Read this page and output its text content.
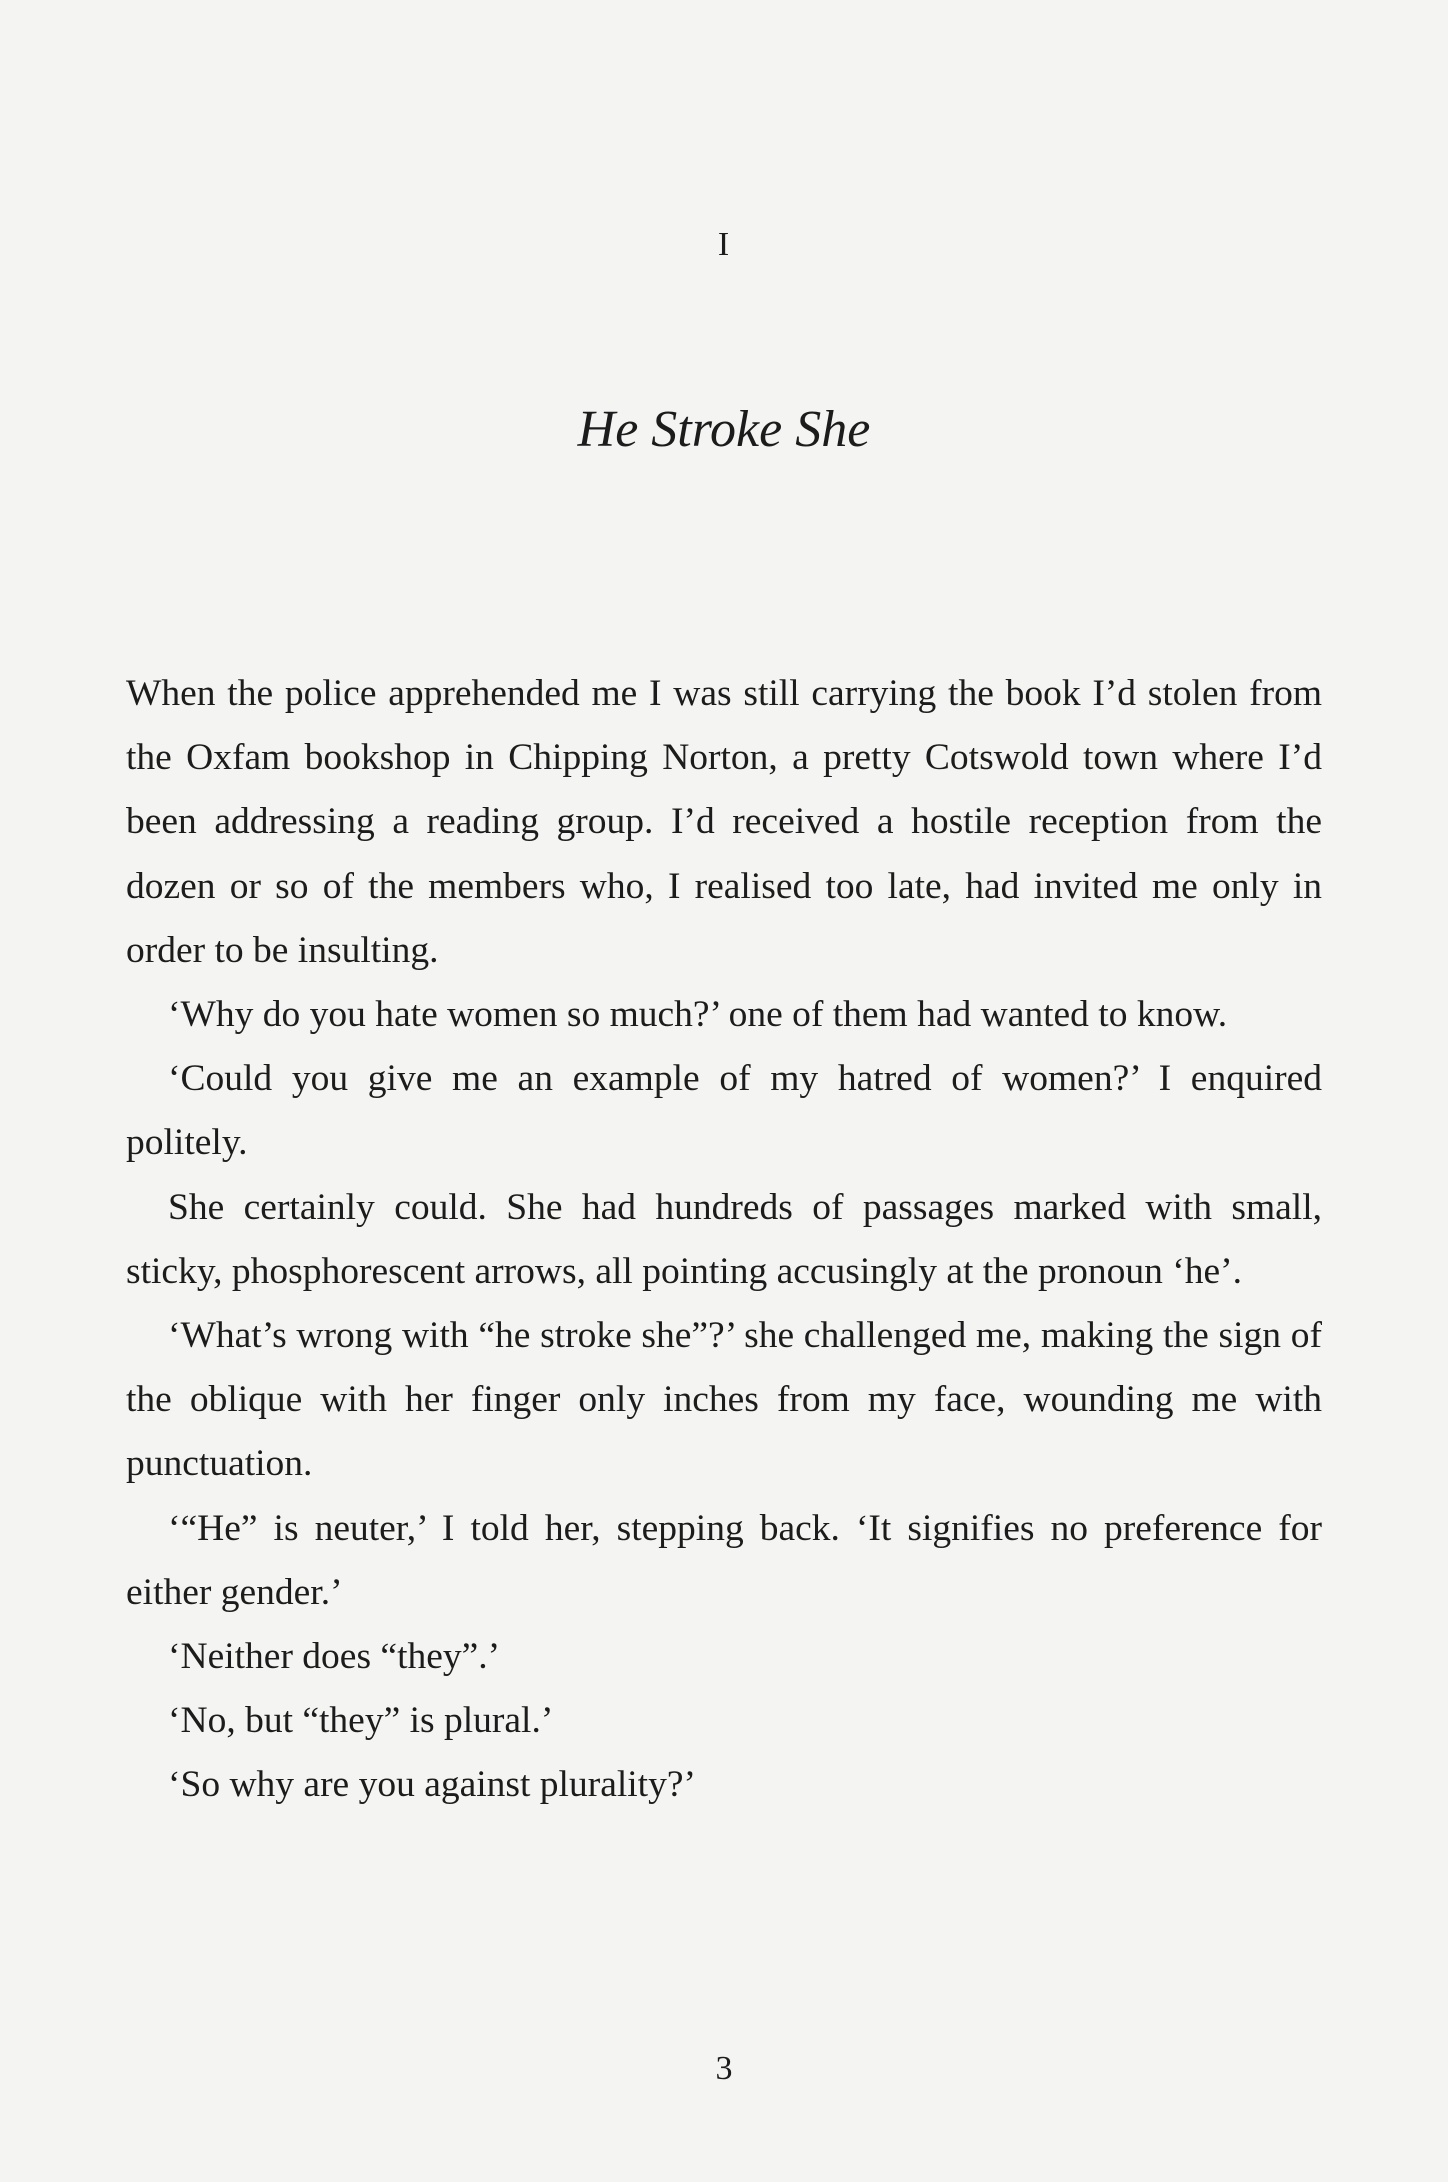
I
He Stroke She

When the police apprehended me I was still carrying the book I’d stolen from the Oxfam bookshop in Chipping Norton, a pretty Cotswold town where I’d been addressing a reading group. I’d received a hostile reception from the dozen or so of the members who, I realised too late, had invited me only in order to be insulting.

‘Why do you hate women so much?’ one of them had wanted to know.

‘Could you give me an example of my hatred of women?’ I enquired politely.

She certainly could. She had hundreds of passages marked with small, sticky, phosphorescent arrows, all pointing accusingly at the pronoun ‘he’.

‘What’s wrong with “he stroke she”?’ she challenged me, making the sign of the oblique with her finger only inches from my face, wounding me with punctuation.

‘“He” is neuter,’ I told her, stepping back. ‘It signifies no preference for either gender.’

‘Neither does “they”.’

‘No, but “they” is plural.’

‘So why are you against plurality?’

3
